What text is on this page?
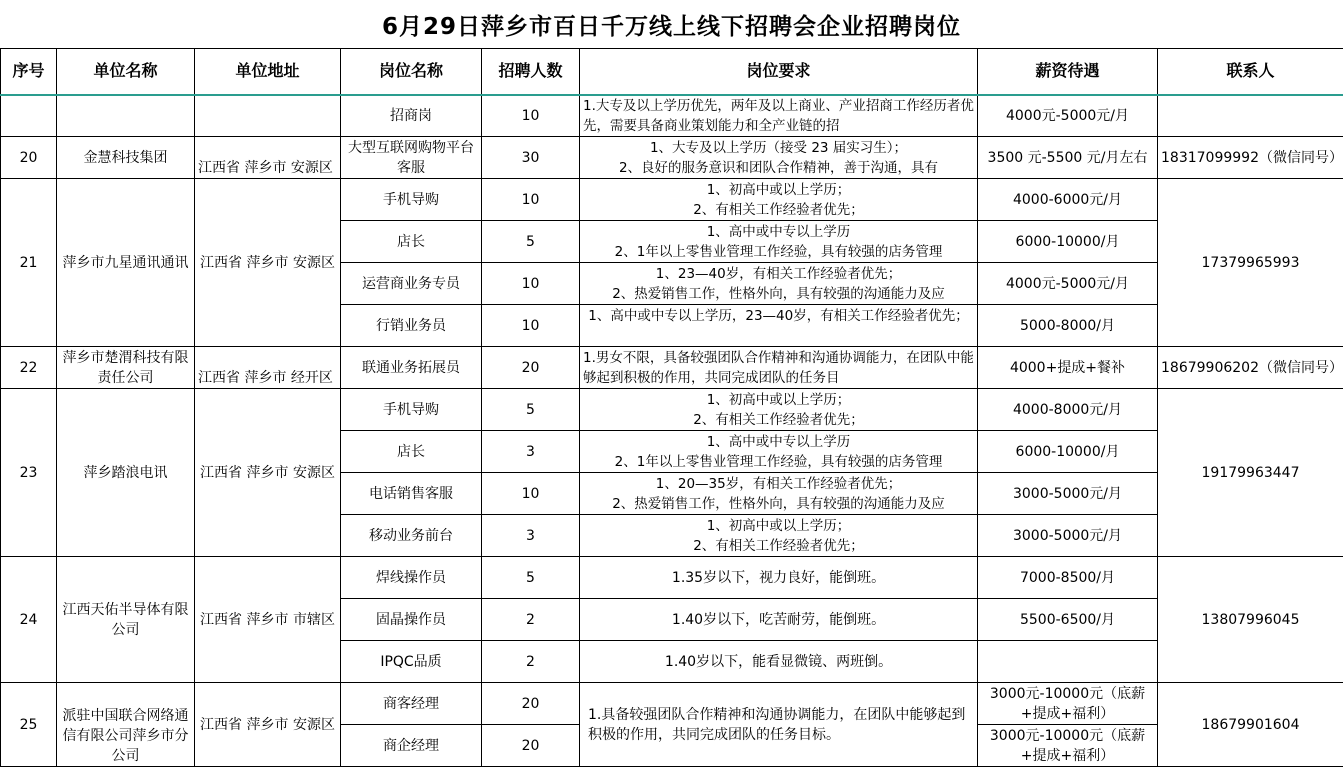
6月29日萍乡市百日千万线上线下招聘会企业招聘岗位
序号	单位名称	单位地址	岗位名称	招聘人数	岗位要求	薪资待遇	联系人
			招商岗	10	1.大专及以上学历优先，两年及以上商业、产业招商工作经历者优先，需要具备商业策划能力和全产业链的招	4000元-5000元/月	
20	金慧科技集团	江西省 萍乡市 安源区	大型互联网购物平台客服	30	1、大专及以上学历（接受 23 届实习生）；
2、良好的服务意识和团队合作精神，善于沟通，具有	3500 元-5500 元/月左右	18317099992（微信同号）
21	萍乡市九星通讯通讯	江西省 萍乡市 安源区	手机导购	10	1、初高中或以上学历；
2、有相关工作经验者优先；	4000-6000元/月	17379965993
			店长	5	1、高中或中专以上学历
2、1年以上零售业管理工作经验，具有较强的店务管理	6000-10000/月	
			运营商业务专员	10	1、23—40岁，有相关工作经验者优先；
2、热爱销售工作，性格外向，具有较强的沟通能力及应	4000元-5000元/月	
			行销业务员	10	1、高中或中专以上学历，23—40岁，有相关工作经验者优先；	5000-8000/月	
22	萍乡市楚渭科技有限责任公司	江西省 萍乡市 经开区	联通业务拓展员	20	1.男女不限，具备较强团队合作精神和沟通协调能力，在团队中能够起到积极的作用，共同完成团队的任务目	4000+提成+餐补	18679906202（微信同号）
23	萍乡踏浪电讯	江西省 萍乡市 安源区	手机导购	5	1、初高中或以上学历；
2、有相关工作经验者优先；	4000-8000元/月	19179963447
			店长	3	1、高中或中专以上学历
2、1年以上零售业管理工作经验，具有较强的店务管理	6000-10000/月	
			电话销售客服	10	1、20—35岁，有相关工作经验者优先；
2、热爱销售工作，性格外向，具有较强的沟通能力及应	3000-5000元/月	
			移动业务前台	3	1、初高中或以上学历；
2、有相关工作经验者优先；	3000-5000元/月	
24	江西天佑半导体有限公司	江西省 萍乡市 市辖区	焊线操作员	5	1.35岁以下，视力良好，能倒班。	7000-8500/月	13807996045
			固晶操作员	2	1.40岁以下，吃苦耐劳，能倒班。	5500-6500/月	
			IPQC品质	2	1.40岁以下，能看显微镜、两班倒。		
25	派驻中国联合网络通信有限公司萍乡市分公司	江西省 萍乡市 安源区	商客经理	20	1.具备较强团队合作精神和沟通协调能力，在团队中能够起到积极的作用，共同完成团队的任务目标。	3000元-10000元（底薪+提成+福利）	18679901604
			商企经理	20		3000元-10000元（底薪+提成+福利）	
